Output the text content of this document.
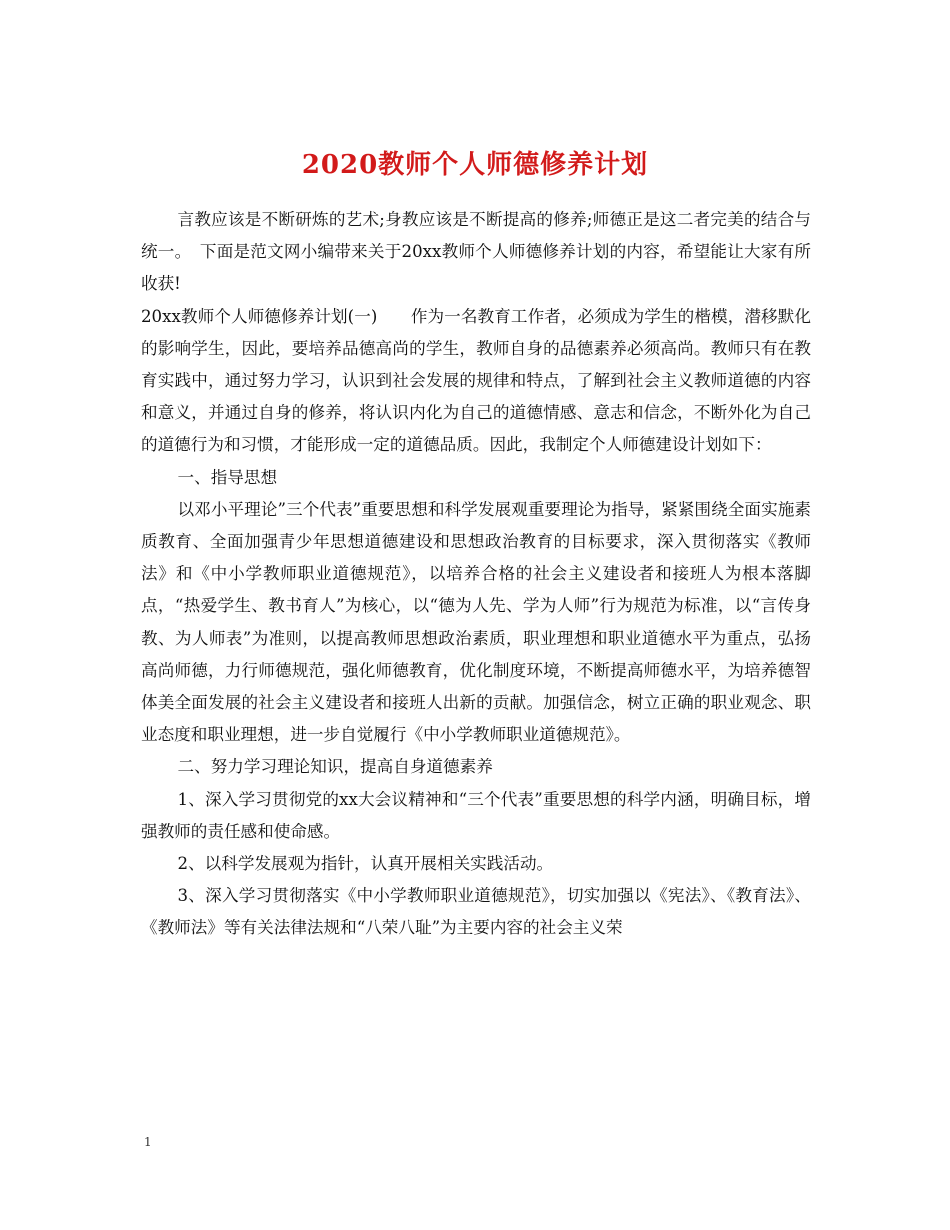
2020教师个人师德修养计划

言教应该是不断研炼的艺术;身教应该是不断提高的修养;师德正是这二者完美的结合与统一。　下面是范文网小编带来关于20xx教师个人师德修养计划的内容，希望能让大家有所收获!

20xx教师个人师德修养计划(一)　　作为一名教育工作者，必须成为学生的楷模，潜移默化的影响学生，因此，要培养品德高尚的学生，教师自身的品德素养必须高尚。教师只有在教育实践中，通过努力学习，认识到社会发展的规律和特点，了解到社会主义教师道德的内容和意义，并通过自身的修养，将认识内化为自己的道德情感、意志和信念，不断外化为自己的道德行为和习惯，才能形成一定的道德品质。因此，我制定个人师德建设计划如下：

一、指导思想

以邓小平理论”三个代表”重要思想和科学发展观重要理论为指导，紧紧围绕全面实施素质教育、全面加强青少年思想道德建设和思想政治教育的目标要求，深入贯彻落实《教师法》和《中小学教师职业道德规范》，以培养合格的社会主义建设者和接班人为根本落脚点，“热爱学生、教书育人”为核心，以“德为人先、学为人师”行为规范为标准，以“言传身教、为人师表”为准则，以提高教师思想政治素质，职业理想和职业道德水平为重点，弘扬高尚师德，力行师德规范，强化师德教育，优化制度环境，不断提高师德水平，为培养德智体美全面发展的社会主义建设者和接班人出新的贡献。加强信念，树立正确的职业观念、职业态度和职业理想，进一步自觉履行《中小学教师职业道德规范》。

二、努力学习理论知识，提高自身道德素养

1、深入学习贯彻党的xx大会议精神和“三个代表”重要思想的科学内涵，明确目标，增强教师的责任感和使命感。

2、以科学发展观为指针，认真开展相关实践活动。

3、深入学习贯彻落实《中小学教师职业道德规范》，切实加强以《宪法》、《教育法》、《教师法》等有关法律法规和“八荣八耻”为主要内容的社会主义荣

1
